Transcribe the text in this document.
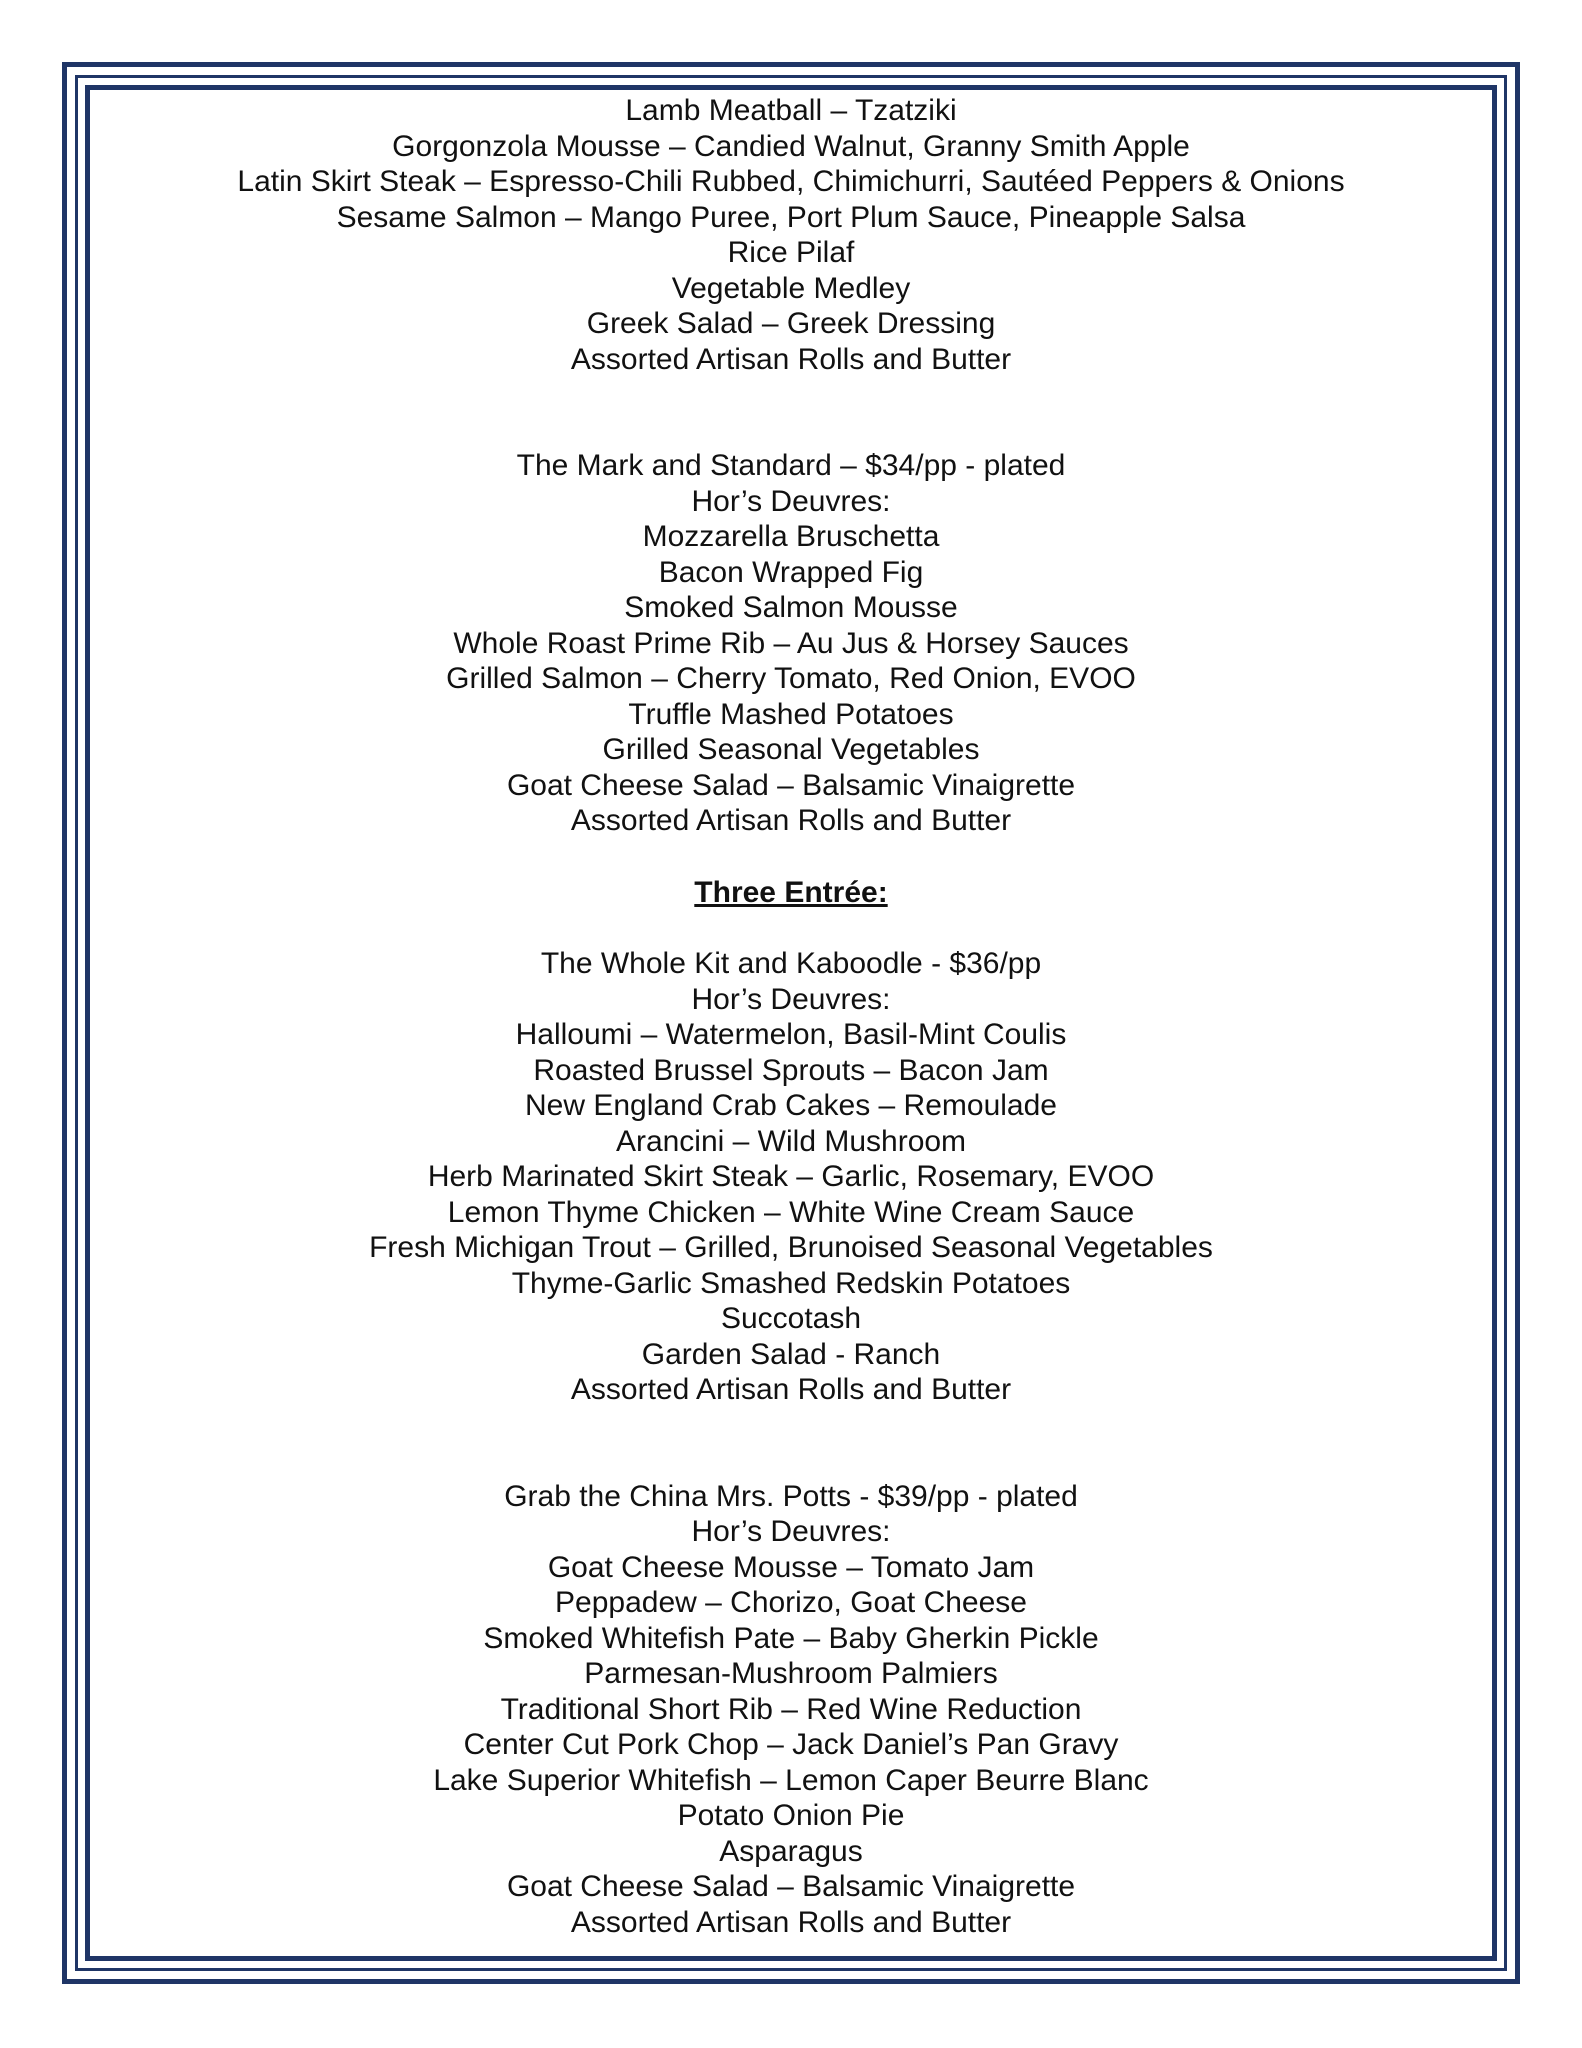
Lamb Meatball – Tzatziki
Gorgonzola Mousse – Candied Walnut, Granny Smith Apple
Latin Skirt Steak – Espresso-Chili Rubbed, Chimichurri, Sautéed Peppers & Onions
Sesame Salmon – Mango Puree, Port Plum Sauce, Pineapple Salsa
Rice Pilaf
Vegetable Medley
Greek Salad – Greek Dressing
Assorted Artisan Rolls and Butter
The Mark and Standard – $34/pp - plated
Hor’s Deuvres:
Mozzarella Bruschetta
Bacon Wrapped Fig
Smoked Salmon Mousse
Whole Roast Prime Rib – Au Jus & Horsey Sauces
Grilled Salmon – Cherry Tomato, Red Onion, EVOO
Truffle Mashed Potatoes
Grilled Seasonal Vegetables
Goat Cheese Salad – Balsamic Vinaigrette
Assorted Artisan Rolls and Butter
Three Entrée:
The Whole Kit and Kaboodle - $36/pp
Hor’s Deuvres:
Halloumi – Watermelon, Basil-Mint Coulis
Roasted Brussel Sprouts – Bacon Jam
New England Crab Cakes – Remoulade
Arancini – Wild Mushroom
Herb Marinated Skirt Steak – Garlic, Rosemary, EVOO
Lemon Thyme Chicken – White Wine Cream Sauce
Fresh Michigan Trout – Grilled, Brunoised Seasonal Vegetables
Thyme-Garlic Smashed Redskin Potatoes
Succotash
Garden Salad - Ranch
Assorted Artisan Rolls and Butter
Grab the China Mrs. Potts - $39/pp - plated
Hor’s Deuvres:
Goat Cheese Mousse – Tomato Jam
Peppadew – Chorizo, Goat Cheese
Smoked Whitefish Pate – Baby Gherkin Pickle
Parmesan-Mushroom Palmiers
Traditional Short Rib – Red Wine Reduction
Center Cut Pork Chop – Jack Daniel’s Pan Gravy
Lake Superior Whitefish – Lemon Caper Beurre Blanc
Potato Onion Pie
Asparagus
Goat Cheese Salad – Balsamic Vinaigrette
Assorted Artisan Rolls and Butter
